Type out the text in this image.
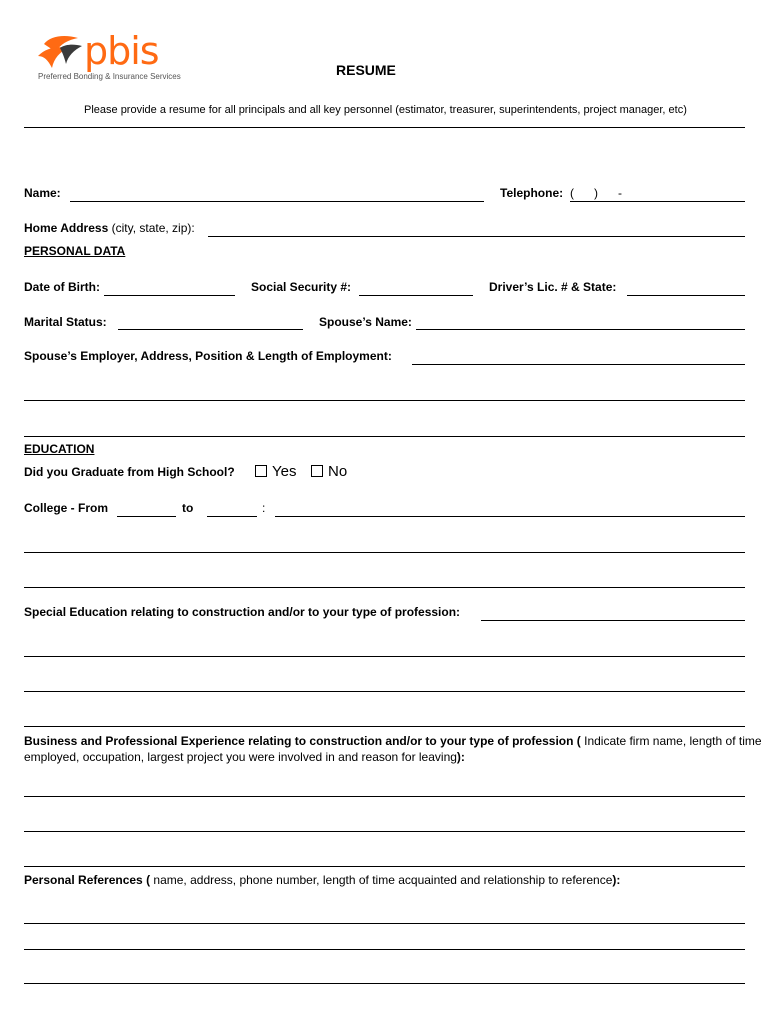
pbis
Preferred Bonding & Insurance Services	RESUME
Please provide a resume for all principals and all key personnel (estimator, treasurer, superintendents, project manager, etc)
Name:	Telephone: (      )      -
Home Address (city, state, zip):
PERSONAL DATA
Date of Birth:	Social Security #:	Driver’s Lic. # & State:
Marital Status:	Spouse’s Name:
Spouse’s Employer, Address, Position & Length of Employment:
EDUCATION
Did you Graduate from High School? Yes No
College - From	to	:
Special Education relating to construction and/or to your type of profession:
Business and Professional Experience relating to construction and/or to your type of profession ( Indicate firm name, length of time employed, occupation, largest project you were involved in and reason for leaving):
Personal References ( name, address, phone number, length of time acquainted and relationship to reference):
